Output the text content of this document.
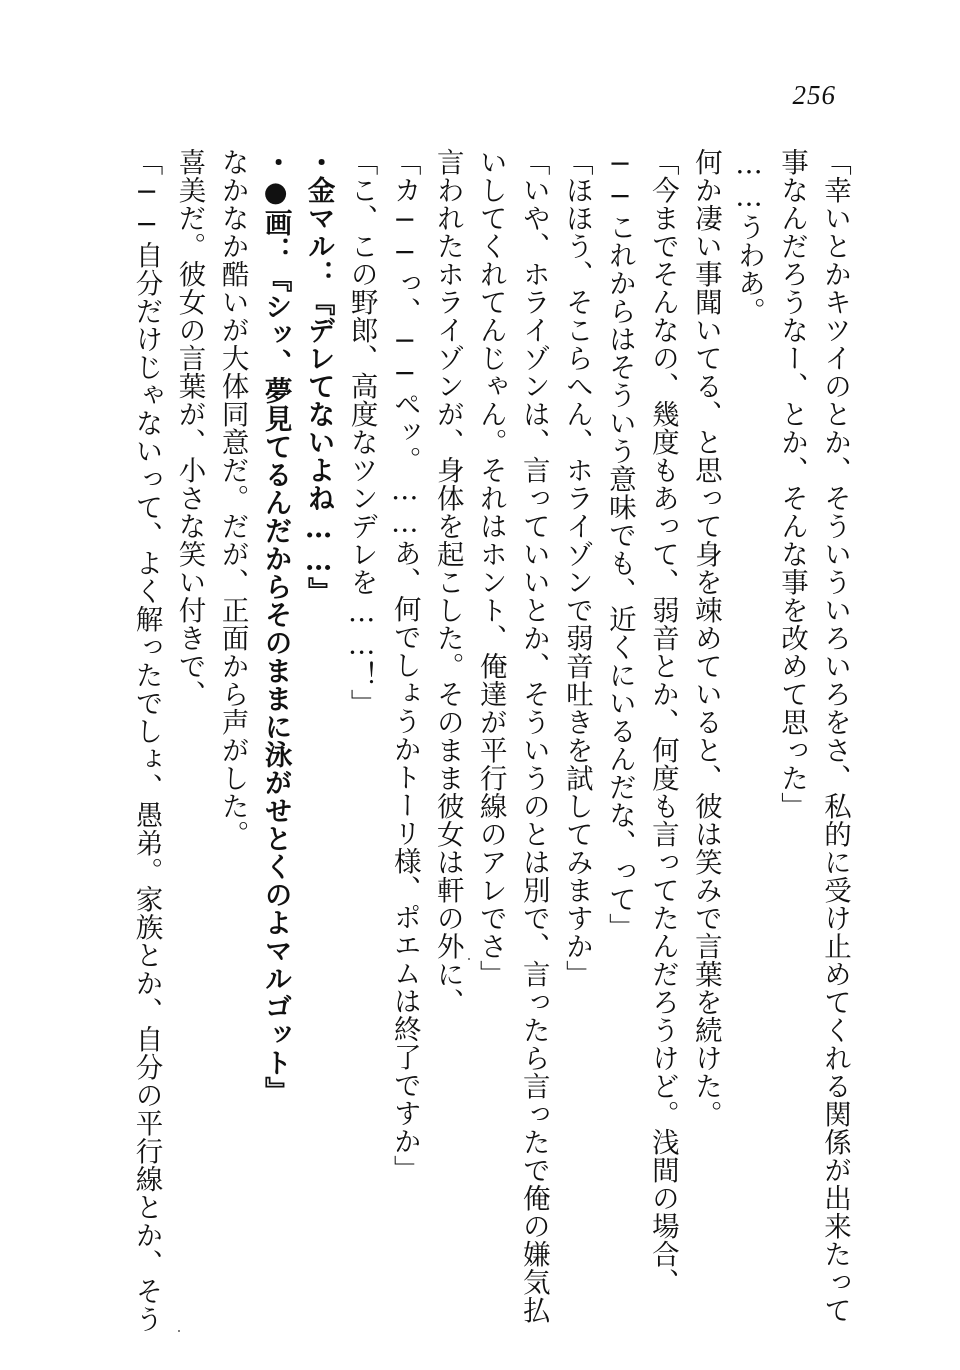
256
「幸いとかキツイのとか、そういういろいろをさ、私的に受け止めてくれる関係が出来たって
事なんだろうなー、とか、そんな事を改めて思った」
……うわあ。
何か凄い事聞いてる、と思って身を竦めていると、彼は笑みで言葉を続けた。
「今までそんなの、幾度もあって、弱音とか、何度も言ってたんだろうけど。浅間の場合、
──これからはそういう意味でも、近くにいるんだな、って」
「ほほう、そこらへん、ホライゾンで弱音吐きを試してみますか」
「いや、ホライゾンは、言っていいとか、そういうのとは別で、言ったら言ったで俺の嫌気払
いしてくれてんじゃん。それはホント、俺達が平行線のアレでさ」
言われたホライゾンが、身体を起こした。そのまま彼女は軒の外に、
「カ──っ、──ペッ。……あ、何でしょうかトーリ様、ポエムは終了ですか」
「こ、この野郎、高度なツンデレを……！」
・金マル：『デレてないよね……』
・●画：『シッ、夢見てるんだからそのままに泳がせとくのよマルゴット』
なかなか酷いが大体同意だ。だが、正面から声がした。
喜美だ。彼女の言葉が、小さな笑い付きで、
「──自分だけじゃないって、よく解ったでしょ、愚弟。家族とか、自分の平行線とか、そう
